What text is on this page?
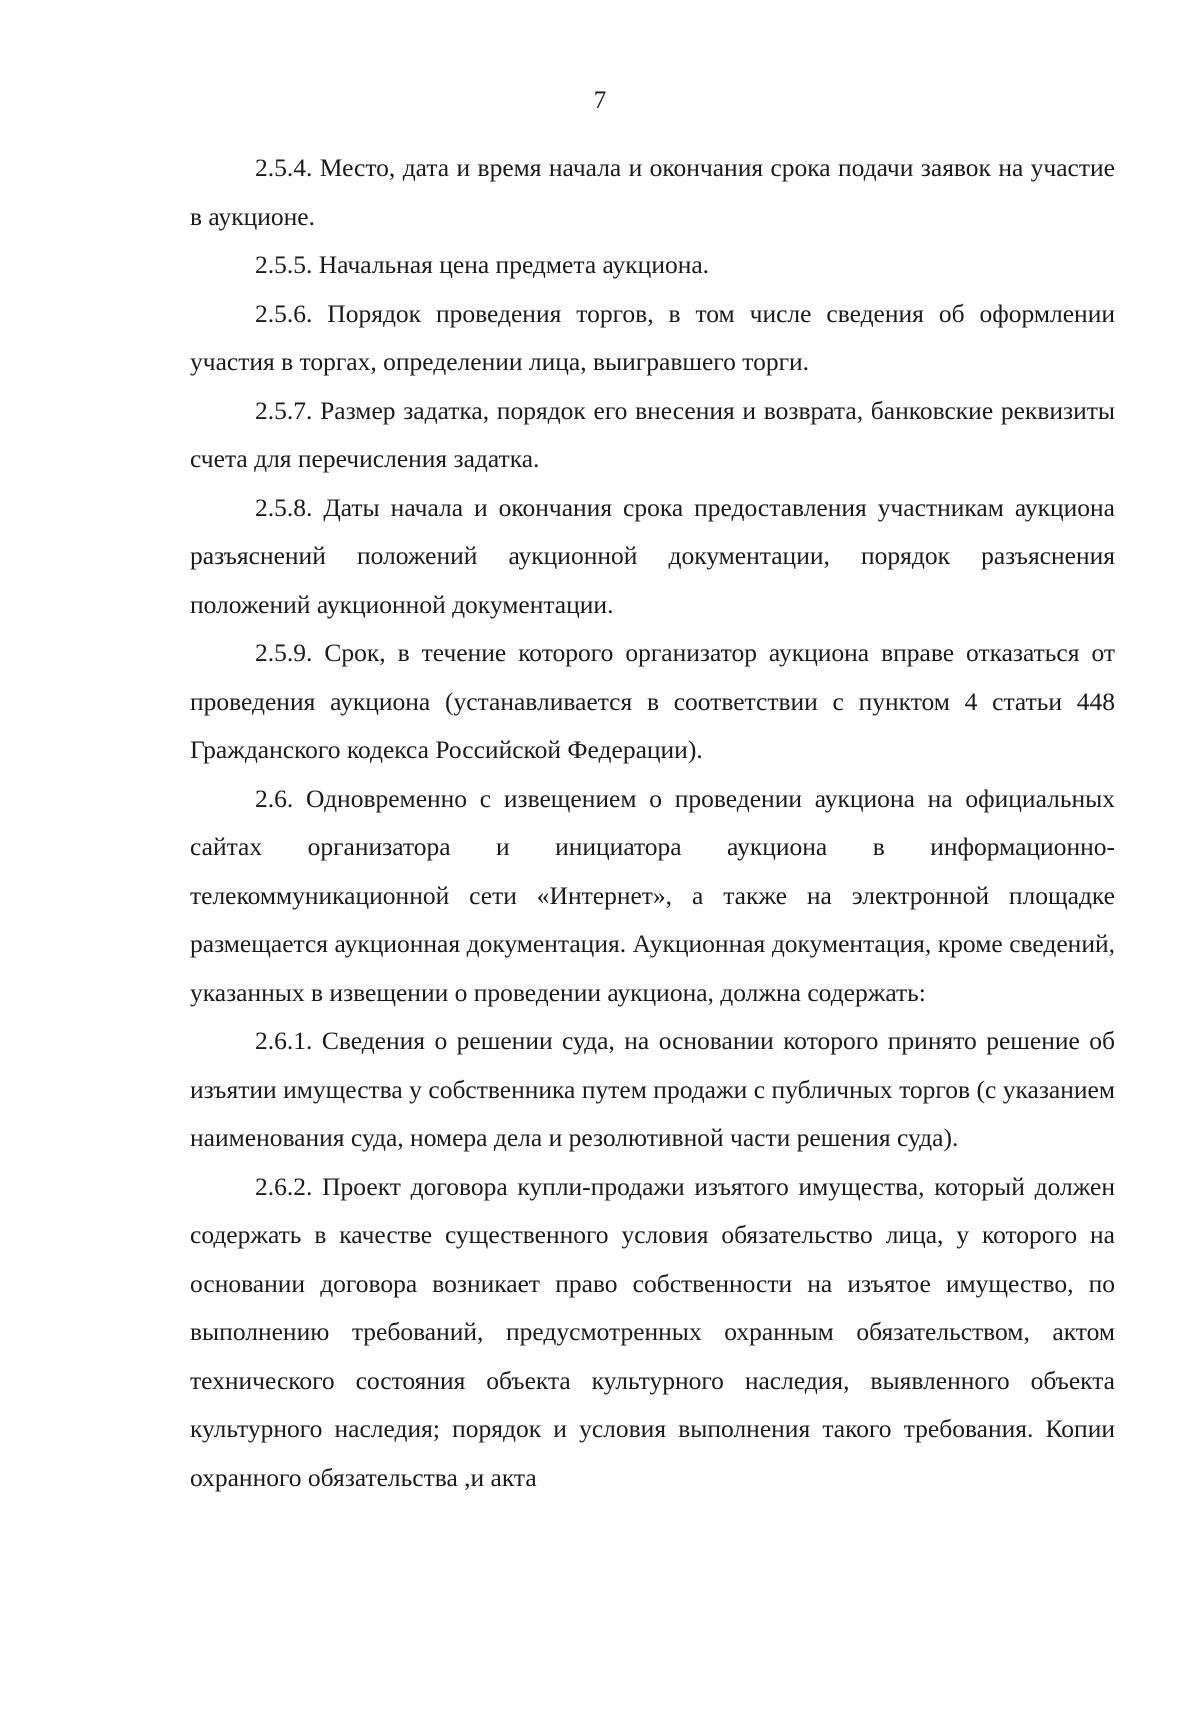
7

2.5.4. Место, дата и время начала и окончания срока подачи заявок на участие в аукционе.

2.5.5. Начальная цена предмета аукциона.

2.5.6. Порядок проведения торгов, в том числе сведения об оформлении участия в торгах, определении лица, выигравшего торги.

2.5.7. Размер задатка, порядок его внесения и возврата, банковские реквизиты счета для перечисления задатка.

2.5.8. Даты начала и окончания срока предоставления участникам аукциона разъяснений положений аукционной документации, порядок разъяснения положений аукционной документации.

2.5.9. Срок, в течение которого организатор аукциона вправе отказаться от проведения аукциона (устанавливается в соответствии с пунктом 4 статьи 448 Гражданского кодекса Российской Федерации).

2.6. Одновременно с извещением о проведении аукциона на официальных сайтах организатора и инициатора аукциона в информационно-телекоммуникационной сети «Интернет», а также на электронной площадке размещается аукционная документация. Аукционная документация, кроме сведений, указанных в извещении о проведении аукциона, должна содержать:

2.6.1. Сведения о решении суда, на основании которого принято решение об изъятии имущества у собственника путем продажи с публичных торгов (с указанием наименования суда, номера дела и резолютивной части решения суда).

2.6.2. Проект договора купли-продажи изъятого имущества, который должен содержать в качестве существенного условия обязательство лица, у которого на основании договора возникает право собственности на изъятое имущество, по выполнению требований, предусмотренных охранным обязательством, актом технического состояния объекта культурного наследия, выявленного объекта культурного наследия; порядок и условия выполнения такого требования. Копии охранного обязательства ,и акта
